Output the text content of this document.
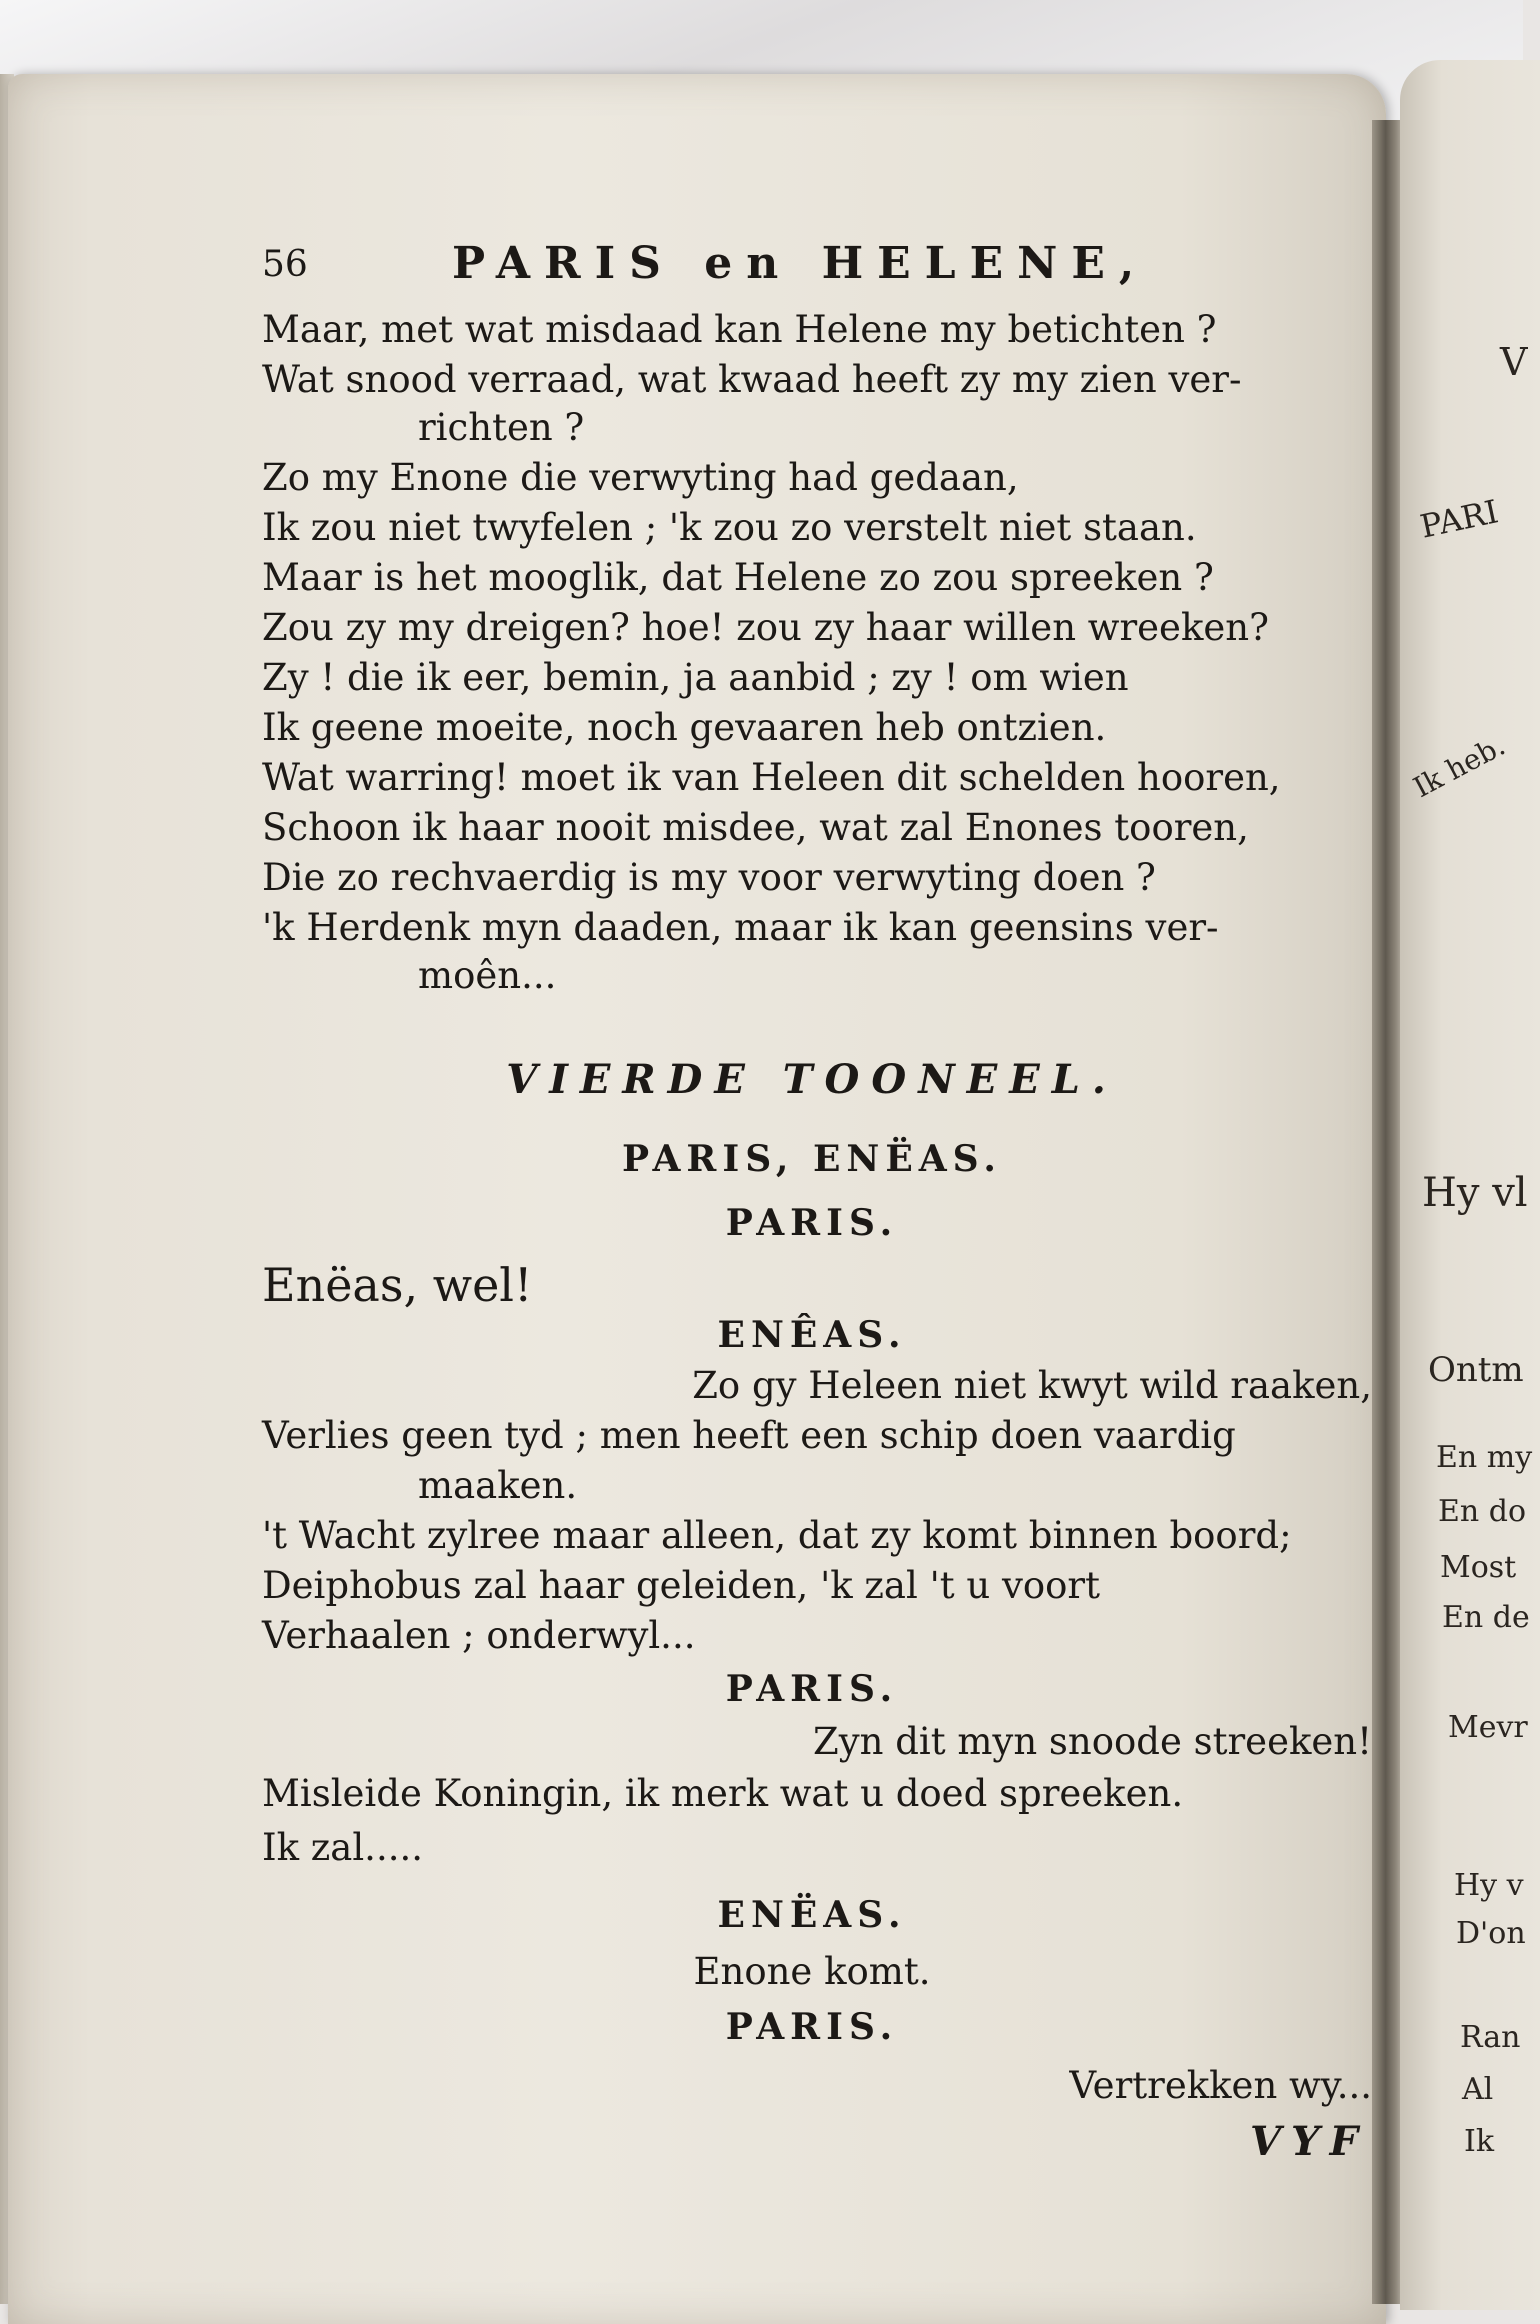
V
PARI
Ik heb.
Hy vl
Ontm
En my
En do
Most
En de
Mevr
Hy v
D'on
Ran
Al
Ik
56	PARIS en HELENE,
Maar, met wat misdaad kan Helene my betichten ?
Wat snood verraad, wat kwaad heeft zy my zien ver-
richten ?
Zo my Enone die verwyting had gedaan,
Ik zou niet twyfelen ; 'k zou zo verstelt niet staan.
Maar is het mooglik, dat Helene zo zou spreeken ?
Zou zy my dreigen? hoe! zou zy haar willen wreeken?
Zy ! die ik eer, bemin, ja aanbid ; zy ! om wien
Ik geene moeite, noch gevaaren heb ontzien.
Wat warring! moet ik van Heleen dit schelden hooren,
Schoon ik haar nooit misdee, wat zal Enones tooren,
Die zo rechvaerdig is my voor verwyting doen ?
'k Herdenk myn daaden, maar ik kan geensins ver-
moên...
VIERDE TOONEEL.
PARIS, ENËAS.
PARIS.
Enëas, wel!
ENÊAS.
Zo gy Heleen niet kwyt wild raaken,
Verlies geen tyd ; men heeft een schip doen vaardig
maaken.
't Wacht zylree maar alleen, dat zy komt binnen boord;
Deiphobus zal haar geleiden, 'k zal 't u voort
Verhaalen ; onderwyl...
PARIS.
Zyn dit myn snoode streeken!
Misleide Koningin, ik merk wat u doed spreeken.
Ik zal.....
ENËAS.
Enone komt.
PARIS.
Vertrekken wy...
VYF
